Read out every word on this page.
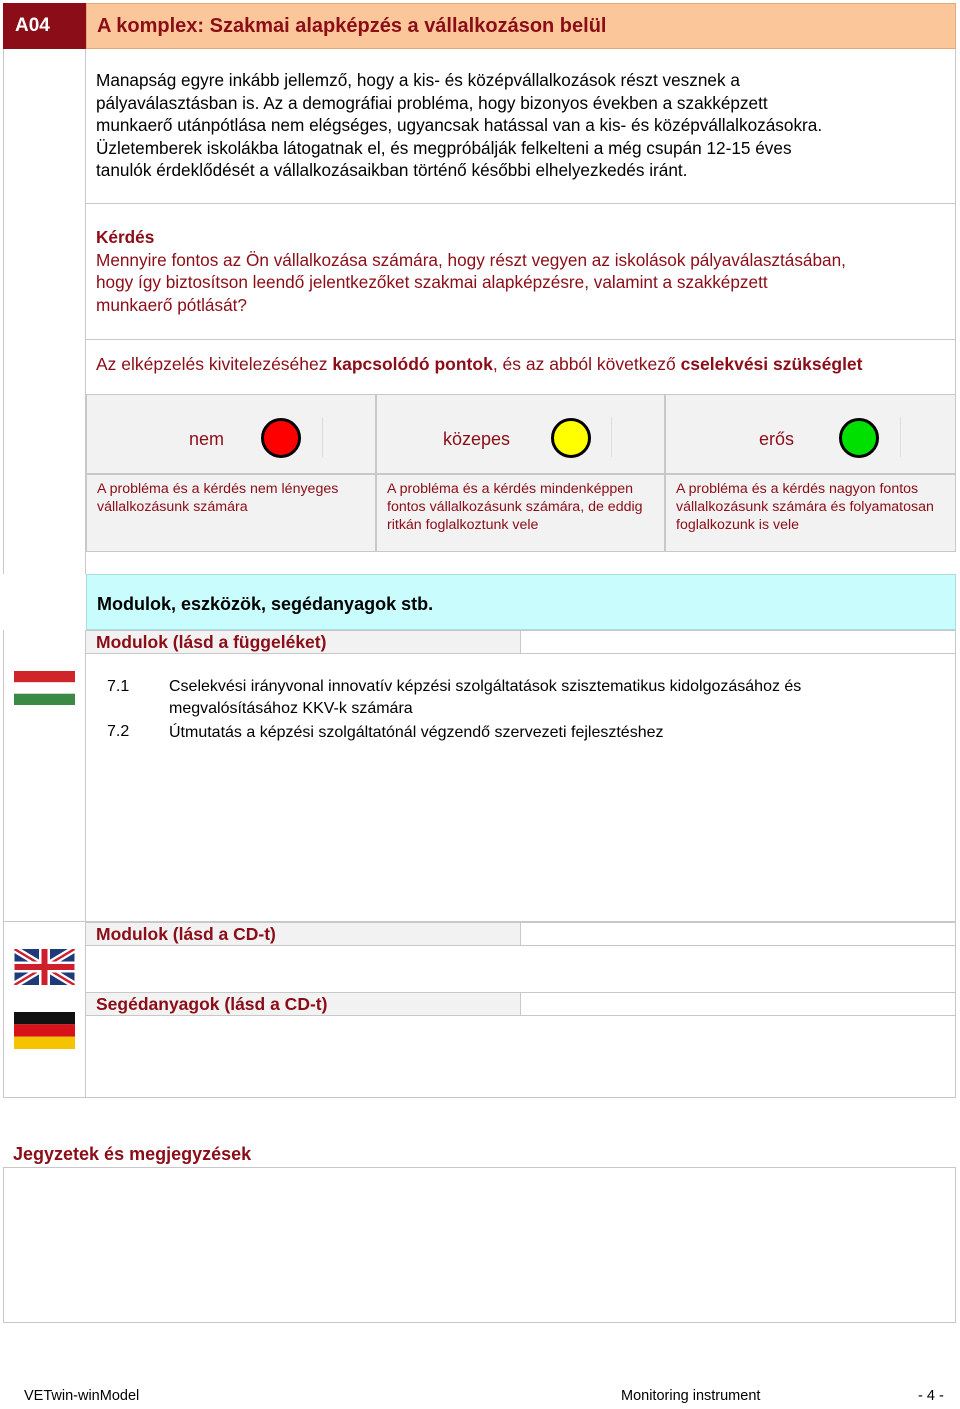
A04	A komplex: Szakmai alapképzés a vállalkozáson belül
Manapság egyre inkább jellemző, hogy a kis- és középvállalkozások részt vesznek a
pályaválasztásban is. Az a demográfiai probléma, hogy bizonyos években a szakképzett
munkaerő utánpótlása nem elégséges, ugyancsak hatással van a kis- és középvállalkozásokra.
Üzletemberek iskolákba látogatnak el, és megpróbálják felkelteni a még csupán 12-15 éves
tanulók érdeklődését a vállalkozásaikban történő későbbi elhelyezkedés iránt.
Kérdés
Mennyire fontos az Ön vállalkozása számára, hogy részt vegyen az iskolások pályaválasztásában,
hogy így biztosítson leendő jelentkezőket szakmai alapképzésre, valamint a szakképzett
munkaerő pótlását?
Az elképzelés kivitelezéséhez kapcsolódó pontok, és az abból következő cselekvési szükséglet
nem	közepes	erős
A probléma és a kérdés nem lényeges vállalkozásunk számára
A probléma és a kérdés mindenképpen fontos vállalkozásunk számára, de eddig ritkán foglalkoztunk vele
A probléma és a kérdés nagyon fontos vállalkozásunk számára és folyamatosan foglalkozunk is vele
Modulok, eszközök, segédanyagok stb.
Modulok (lásd a függeléket)
7.1 Cselekvési irányvonal innovatív képzési szolgáltatások szisztematikus kidolgozásához és
megvalósításához KKV-k számára
7.2 Útmutatás a képzési szolgáltatónál végzendő szervezeti fejlesztéshez
Modulok (lásd a CD-t)
Segédanyagok (lásd a CD-t)
Jegyzetek és megjegyzések
VETwin-winModel	Monitoring instrument	- 4 -
